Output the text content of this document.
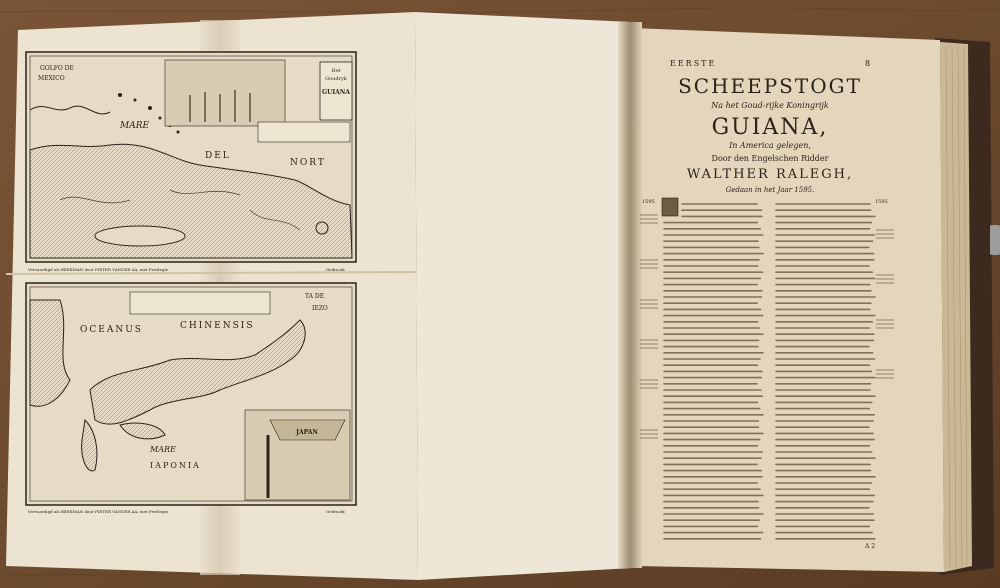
Het
Goudryk
GUIANA
GOLFO DE
MEXICO
MARE
DEL
NORT
Vervaardigd als BEEKMAN door PIETER VANDER AA, met Privilegie	Gedruckt
JAPAN
OCEANUS	CHINENSIS
MARE
IAPONIA
TA DE
IEZO
Vervaardigd als BEEKMAN door PIETER VANDER AA, met Privilegie	Gedruckt
EERSTE	8
SCHEEPSTOGT
Na het Goud-rijke Koningrijk
GUIANA,
In America gelegen,
Door den Engelschen Ridder
WALTHER RALEGH,
Gedaan in het Jaar 1595.
1595	1595
A 2
